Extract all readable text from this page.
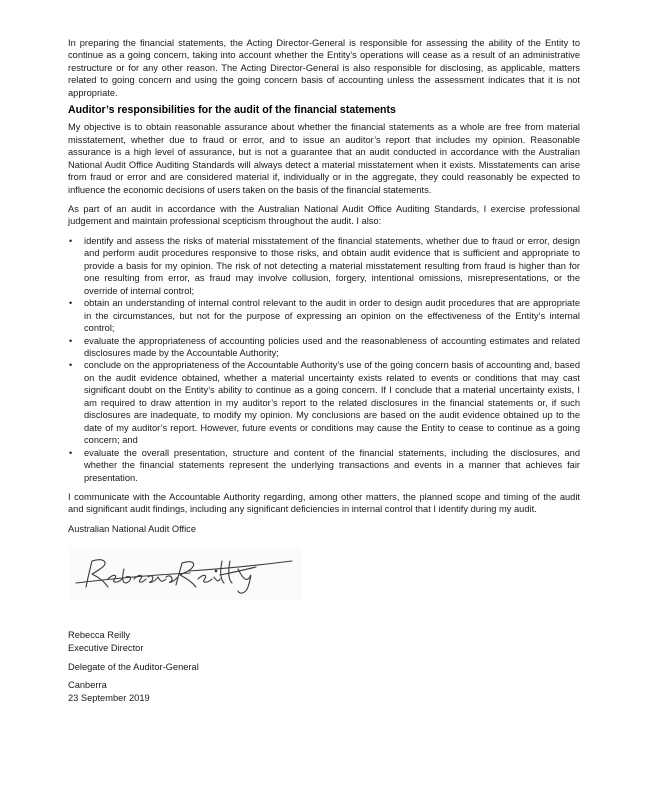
In preparing the financial statements, the Acting Director-General is responsible for assessing the ability of the Entity to continue as a going concern, taking into account whether the Entity’s operations will cease as a result of an administrative restructure or for any other reason. The Acting Director-General is also responsible for disclosing, as applicable, matters related to going concern and using the going concern basis of accounting unless the assessment indicates that it is not appropriate.

Auditor’s responsibilities for the audit of the financial statements

My objective is to obtain reasonable assurance about whether the financial statements as a whole are free from material misstatement, whether due to fraud or error, and to issue an auditor’s report that includes my opinion. Reasonable assurance is a high level of assurance, but is not a guarantee that an audit conducted in accordance with the Australian National Audit Office Auditing Standards will always detect a material misstatement when it exists. Misstatements can arise from fraud or error and are considered material if, individually or in the aggregate, they could reasonably be expected to influence the economic decisions of users taken on the basis of the financial statements.

As part of an audit in accordance with the Australian National Audit Office Auditing Standards, I exercise professional judgement and maintain professional scepticism throughout the audit. I also:

• identify and assess the risks of material misstatement of the financial statements, whether due to fraud or error, design and perform audit procedures responsive to those risks, and obtain audit evidence that is sufficient and appropriate to provide a basis for my opinion. The risk of not detecting a material misstatement resulting from fraud is higher than for one resulting from error, as fraud may involve collusion, forgery, intentional omissions, misrepresentations, or the override of internal control;
• obtain an understanding of internal control relevant to the audit in order to design audit procedures that are appropriate in the circumstances, but not for the purpose of expressing an opinion on the effectiveness of the Entity’s internal control;
• evaluate the appropriateness of accounting policies used and the reasonableness of accounting estimates and related disclosures made by the Accountable Authority;
• conclude on the appropriateness of the Accountable Authority’s use of the going concern basis of accounting and, based on the audit evidence obtained, whether a material uncertainty exists related to events or conditions that may cast significant doubt on the Entity’s ability to continue as a going concern. If I conclude that a material uncertainty exists, I am required to draw attention in my auditor’s report to the related disclosures in the financial statements or, if such disclosures are inadequate, to modify my opinion. My conclusions are based on the audit evidence obtained up to the date of my auditor’s report. However, future events or conditions may cause the Entity to cease to continue as a going concern; and
• evaluate the overall presentation, structure and content of the financial statements, including the disclosures, and whether the financial statements represent the underlying transactions and events in a manner that achieves fair presentation.

I communicate with the Accountable Authority regarding, among other matters, the planned scope and timing of the audit and significant audit findings, including any significant deficiencies in internal control that I identify during my audit.

Australian National Audit Office

Rebecca Reilly

Executive Director

Delegate of the Auditor-General

Canberra

23 September 2019
